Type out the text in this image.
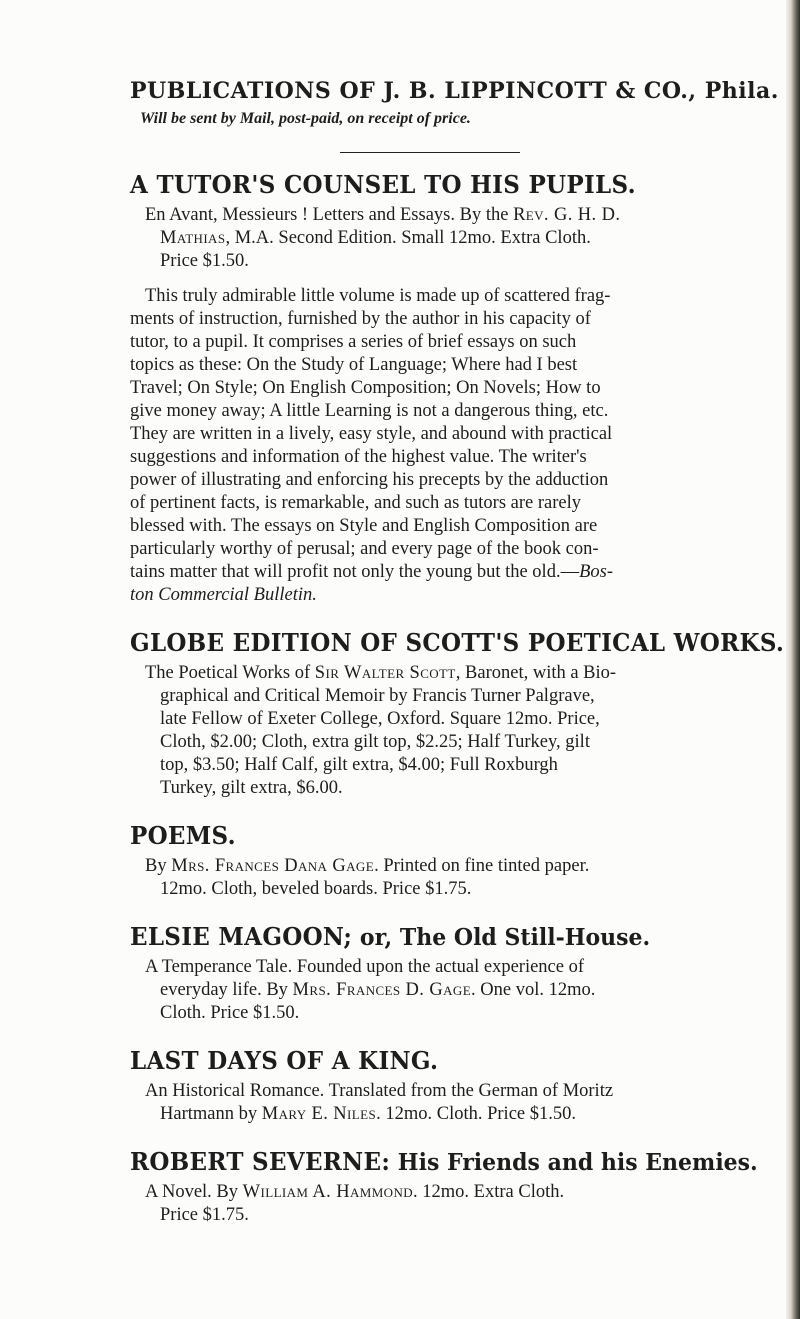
PUBLICATIONS OF J. B. LIPPINCOTT & CO., Phila.
Will be sent by Mail, post-paid, on receipt of price.
A TUTOR'S COUNSEL TO HIS PUPILS.
En Avant, Messieurs ! Letters and Essays. By the Rev. G. H. D.
Mathias, M.A. Second Edition. Small 12mo. Extra Cloth.
Price $1.50.
This truly admirable little volume is made up of scattered frag-
ments of instruction, furnished by the author in his capacity of
tutor, to a pupil. It comprises a series of brief essays on such
topics as these: On the Study of Language; Where had I best
Travel; On Style; On English Composition; On Novels; How to
give money away; A little Learning is not a dangerous thing, etc.
They are written in a lively, easy style, and abound with practical
suggestions and information of the highest value. The writer's
power of illustrating and enforcing his precepts by the adduction
of pertinent facts, is remarkable, and such as tutors are rarely
blessed with. The essays on Style and English Composition are
particularly worthy of perusal; and every page of the book con-
tains matter that will profit not only the young but the old.—Bos-
ton Commercial Bulletin.
GLOBE EDITION OF SCOTT'S POETICAL WORKS.
The Poetical Works of Sir Walter Scott, Baronet, with a Bio-
graphical and Critical Memoir by Francis Turner Palgrave,
late Fellow of Exeter College, Oxford. Square 12mo. Price,
Cloth, $2.00; Cloth, extra gilt top, $2.25; Half Turkey, gilt
top, $3.50; Half Calf, gilt extra, $4.00; Full Roxburgh
Turkey, gilt extra, $6.00.
POEMS.
By Mrs. Frances Dana Gage. Printed on fine tinted paper.
12mo. Cloth, beveled boards. Price $1.75.
ELSIE MAGOON; or, The Old Still-House.
A Temperance Tale. Founded upon the actual experience of
everyday life. By Mrs. Frances D. Gage. One vol. 12mo.
Cloth. Price $1.50.
LAST DAYS OF A KING.
An Historical Romance. Translated from the German of Moritz
Hartmann by Mary E. Niles. 12mo. Cloth. Price $1.50.
ROBERT SEVERNE: His Friends and his Enemies.
A Novel. By William A. Hammond. 12mo. Extra Cloth.
Price $1.75.
